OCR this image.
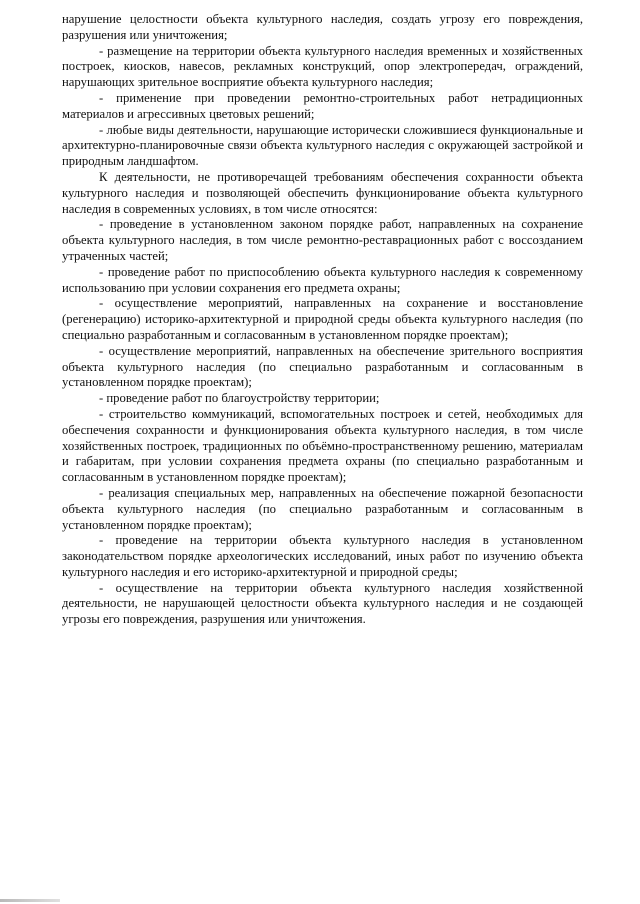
нарушение целостности объекта культурного наследия, создать угрозу его повреждения, разрушения или уничтожения;

- размещение на территории объекта культурного наследия временных и хозяйственных построек, киосков, навесов, рекламных конструкций, опор электропередач, ограждений, нарушающих зрительное восприятие объекта культурного наследия;

- применение при проведении ремонтно-строительных работ нетрадиционных материалов и агрессивных цветовых решений;

- любые виды деятельности, нарушающие исторически сложившиеся функциональные и архитектурно-планировочные связи объекта культурного наследия с окружающей застройкой и природным ландшафтом.

К деятельности, не противоречащей требованиям обеспечения сохранности объекта культурного наследия и позволяющей обеспечить функционирование объекта культурного наследия в современных условиях, в том числе относятся:

- проведение в установленном законом порядке работ, направленных на сохранение объекта культурного наследия, в том числе ремонтно-реставрационных работ с воссозданием утраченных частей;

- проведение работ по приспособлению объекта культурного наследия к современному использованию при условии сохранения его предмета охраны;

- осуществление мероприятий, направленных на сохранение и восстановление (регенерацию) историко-архитектурной и природной среды объекта культурного наследия (по специально разработанным и согласованным в установленном порядке проектам);

- осуществление мероприятий, направленных на обеспечение зрительного восприятия объекта культурного наследия (по специально разработанным и согласованным в установленном порядке проектам);

- проведение работ по благоустройству территории;

- строительство коммуникаций, вспомогательных построек и сетей, необходимых для обеспечения сохранности и функционирования объекта культурного наследия, в том числе хозяйственных построек, традиционных по объёмно-пространственному решению, материалам и габаритам, при условии сохранения предмета охраны (по специально разработанным и согласованным в установленном порядке проектам);

- реализация специальных мер, направленных на обеспечение пожарной безопасности объекта культурного наследия (по специально разработанным и согласованным в установленном порядке проектам);

- проведение на территории объекта культурного наследия в установленном законодательством порядке археологических исследований, иных работ по изучению объекта культурного наследия и его историко-архитектурной и природной среды;

- осуществление на территории объекта культурного наследия хозяйственной деятельности, не нарушающей целостности объекта культурного наследия и не создающей угрозы его повреждения, разрушения или уничтожения.
